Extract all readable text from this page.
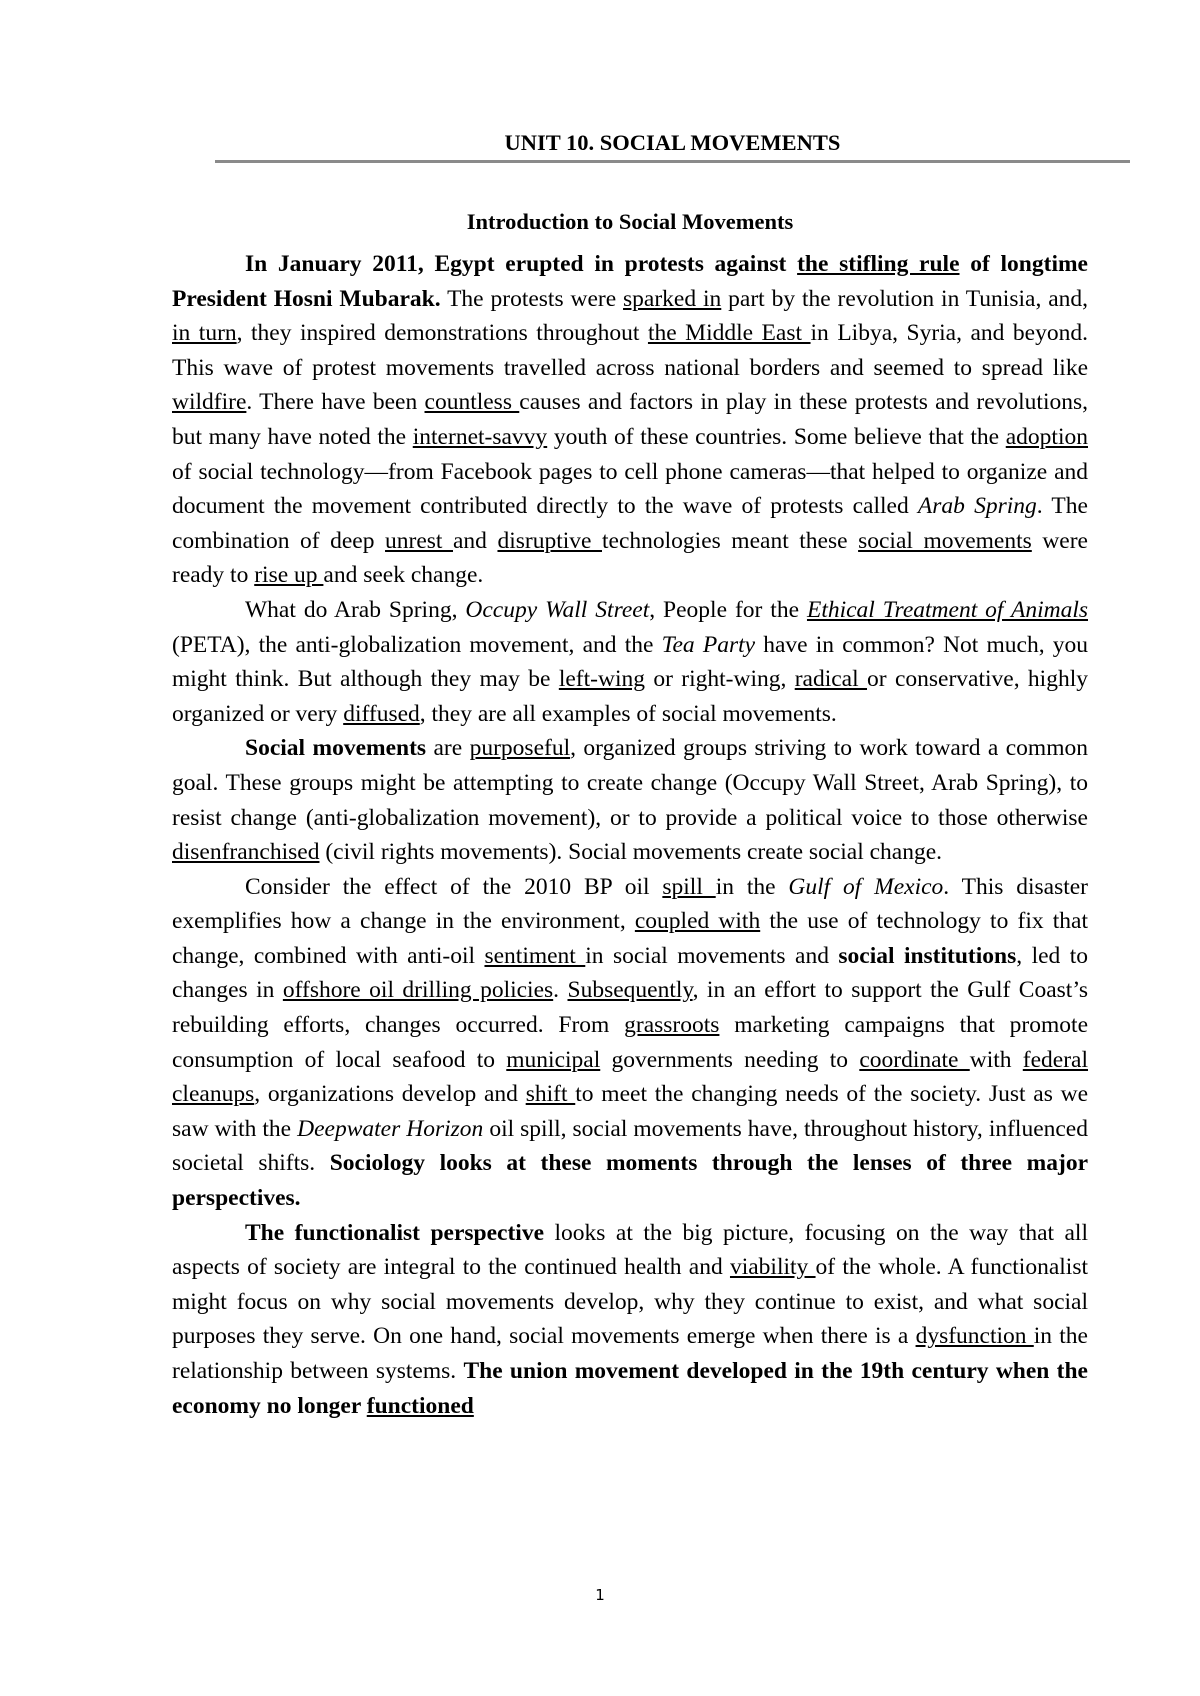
UNIT 10. SOCIAL MOVEMENTS
Introduction to Social Movements

In January 2011, Egypt erupted in protests against the stifling rule of longtime President Hosni Mubarak. The protests were sparked in part by the revolution in Tunisia, and, in turn, they inspired demonstrations throughout the Middle East in Libya, Syria, and beyond. This wave of protest movements travelled across national borders and seemed to spread like wildfire. There have been countless causes and factors in play in these protests and revolutions, but many have noted the internet-savvy youth of these countries. Some believe that the adoption of social technology—from Facebook pages to cell phone cameras—that helped to organize and document the movement contributed directly to the wave of protests called Arab Spring. The combination of deep unrest and disruptive technologies meant these social movements were ready to rise up and seek change.

What do Arab Spring, Occupy Wall Street, People for the Ethical Treatment of Animals (PETA), the anti-globalization movement, and the Tea Party have in common? Not much, you might think. But although they may be left-wing or right-wing, radical or conservative, highly organized or very diffused, they are all examples of social movements.

Social movements are purposeful, organized groups striving to work toward a common goal. These groups might be attempting to create change (Occupy Wall Street, Arab Spring), to resist change (anti-globalization movement), or to provide a political voice to those otherwise disenfranchised (civil rights movements). Social movements create social change.

Consider the effect of the 2010 BP oil spill in the Gulf of Mexico. This disaster exemplifies how a change in the environment, coupled with the use of technology to fix that change, combined with anti-oil sentiment in social movements and social institutions, led to changes in offshore oil drilling policies. Subsequently, in an effort to support the Gulf Coast’s rebuilding efforts, changes occurred. From grassroots marketing campaigns that promote consumption of local seafood to municipal governments needing to coordinate with federal cleanups, organizations develop and shift to meet the changing needs of the society. Just as we saw with the Deepwater Horizon oil spill, social movements have, throughout history, influenced societal shifts. Sociology looks at these moments through the lenses of three major perspectives.

The functionalist perspective looks at the big picture, focusing on the way that all aspects of society are integral to the continued health and viability of the whole. A functionalist might focus on why social movements develop, why they continue to exist, and what social purposes they serve. On one hand, social movements emerge when there is a dysfunction in the relationship between systems. The union movement developed in the 19th century when the economy no longer functioned

1
